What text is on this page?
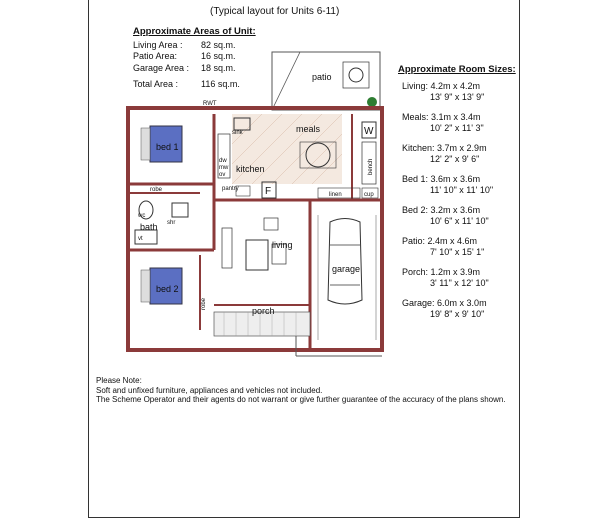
(Typical layout for Units 6-11)
Approximate Areas of Unit:
Living Area :	82 sq.m.
Patio Area:	16 sq.m.
Garage Area :	18 sq.m.
Total Area :	116 sq.m.
Approximate Room Sizes:
Living: 4.2m x 4.2m
13' 9" x 13' 9"
Meals: 3.1m x 3.4m
10' 2" x 11' 3"
Kitchen: 3.7m x 2.9m
12' 2" x 9' 6"
Bed 1: 3.6m x 3.6m
11' 10" x 11' 10"
Bed 2: 3.2m x 3.6m
10' 6" x 11' 10"
Patio: 2.4m x 4.6m
7' 10" x 15' 1"
Porch: 1.2m x 3.9m
3' 11" x 12' 10"
Garage: 6.0m x 3.0m
19' 8" x 9' 10"
RWT
bed 1
bed 2
robe
robe
bath
wc
shr
vt
sink
dw
mw
ov
kitchen
pantry	F
meals	W
bench
linen	cup
living
garage
patio
porch
Please Note:
Soft and unfixed furniture, appliances and vehicles not included.
The Scheme Operator and their agents do not warrant or give further guarantee of the accuracy of the plans shown.
